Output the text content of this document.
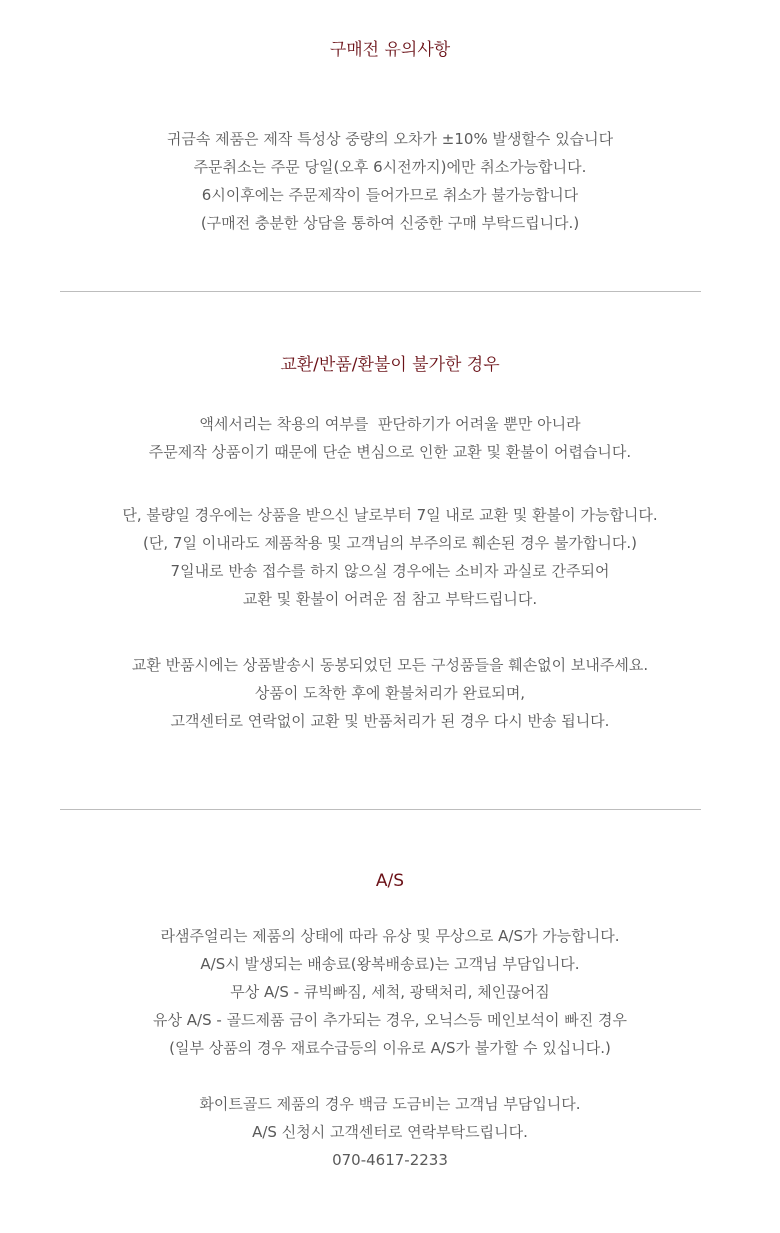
구매전 유의사항

귀금속 제품은 제작 특성상 중량의 오차가 ±10% 발생할수 있습니다

주문취소는 주문 당일(오후 6시전까지)에만 취소가능합니다.

6시이후에는 주문제작이 들어가므로 취소가 불가능합니다

(구매전 충분한 상담을 통하여 신중한 구매 부탁드립니다.)

교환/반품/환불이 불가한 경우

액세서리는 착용의 여부를  판단하기가 어려울 뿐만 아니라

주문제작 상품이기 때문에 단순 변심으로 인한 교환 및 환불이 어렵습니다.

단, 불량일 경우에는 상품을 받으신 날로부터 7일 내로 교환 및 환불이 가능합니다.

(단, 7일 이내라도 제품착용 및 고객님의 부주의로 훼손된 경우 불가합니다.)

7일내로 반송 접수를 하지 않으실 경우에는 소비자 과실로 간주되어

교환 및 환불이 어려운 점 참고 부탁드립니다.

교환 반품시에는 상품발송시 동봉되었던 모든 구성품들을 훼손없이 보내주세요.

상품이 도착한 후에 환불처리가 완료되며,

고객센터로 연락없이 교환 및 반품처리가 된 경우 다시 반송 됩니다.

A/S

라샘주얼리는 제품의 상태에 따라 유상 및 무상으로 A/S가 가능합니다.

A/S시 발생되는 배송료(왕복배송료)는 고객님 부담입니다.

무상 A/S - 큐빅빠짐, 세척, 광택처리, 체인끊어짐

유상 A/S - 골드제품 금이 추가되는 경우, 오닉스등 메인보석이 빠진 경우

(일부 상품의 경우 재료수급등의 이유로 A/S가 불가할 수 있십니다.)

화이트골드 제품의 경우 백금 도금비는 고객님 부담입니다.

A/S 신청시 고객센터로 연락부탁드립니다.

070-4617-2233
